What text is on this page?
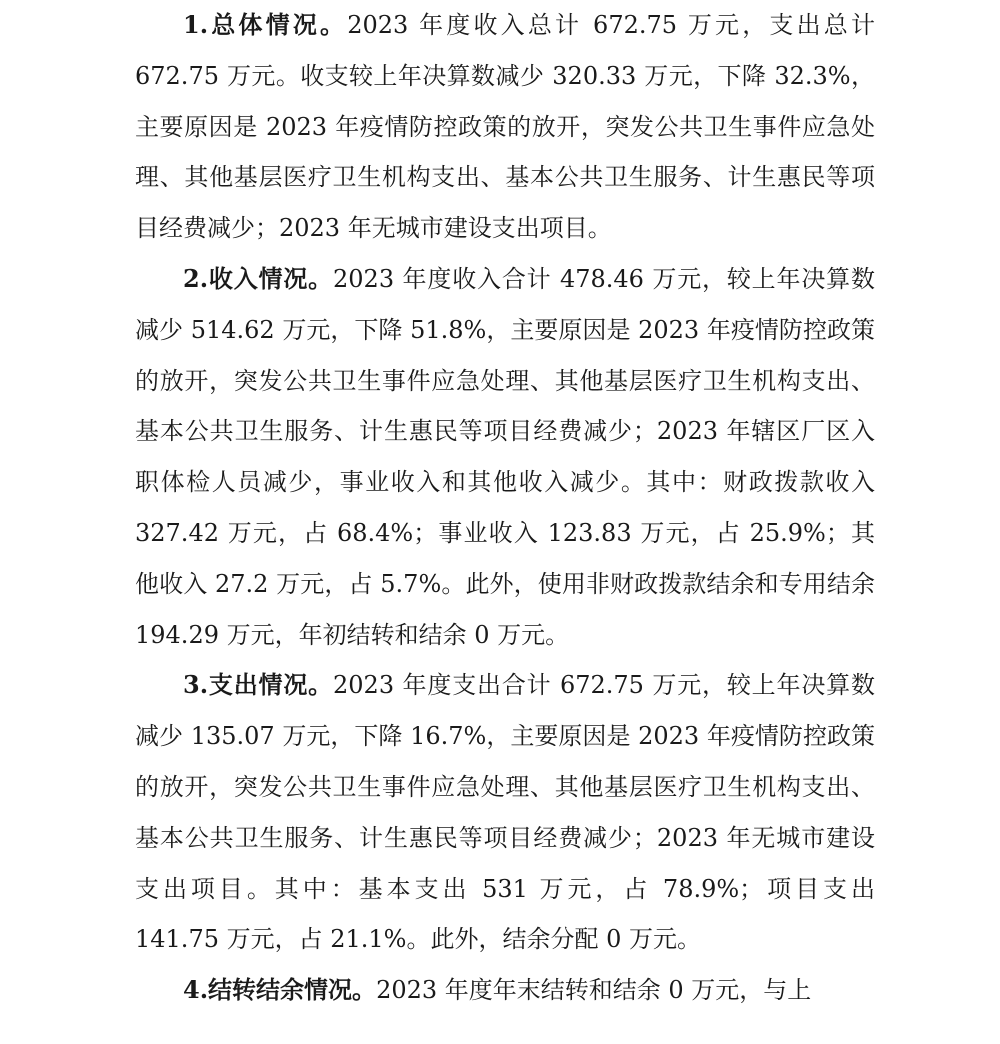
1.总体情况。2023 年度收入总计 672.75 万元，支出总计 672.75 万元。收支较上年决算数减少 320.33 万元，下降 32.3%，主要原因是 2023 年疫情防控政策的放开，突发公共卫生事件应急处理、其他基层医疗卫生机构支出、基本公共卫生服务、计生惠民等项目经费减少；2023 年无城市建设支出项目。

2.收入情况。2023 年度收入合计 478.46 万元，较上年决算数减少 514.62 万元，下降 51.8%，主要原因是 2023 年疫情防控政策的放开，突发公共卫生事件应急处理、其他基层医疗卫生机构支出、基本公共卫生服务、计生惠民等项目经费减少；2023 年辖区厂区入职体检人员减少，事业收入和其他收入减少。其中：财政拨款收入 327.42 万元，占 68.4%；事业收入 123.83 万元，占 25.9%；其他收入 27.2 万元，占 5.7%。此外，使用非财政拨款结余和专用结余 194.29 万元，年初结转和结余 0 万元。

3.支出情况。2023 年度支出合计 672.75 万元，较上年决算数减少 135.07 万元，下降 16.7%，主要原因是 2023 年疫情防控政策的放开，突发公共卫生事件应急处理、其他基层医疗卫生机构支出、基本公共卫生服务、计生惠民等项目经费减少；2023 年无城市建设支出项目。其中：基本支出 531 万元，占 78.9%；项目支出 141.75 万元，占 21.1%。此外，结余分配 0 万元。

4.结转结余情况。2023 年度年末结转和结余 0 万元，与上
